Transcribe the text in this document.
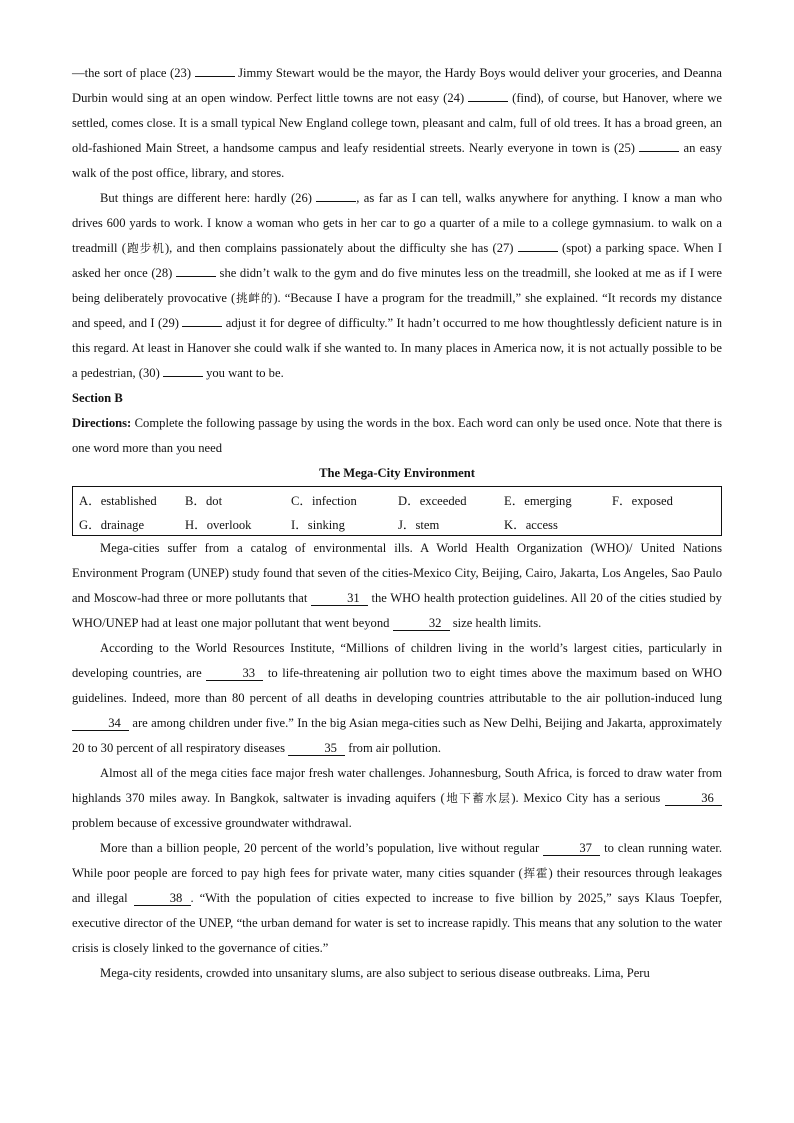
—the sort of place (23)	Jimmy Stewart would be the mayor, the Hardy Boys would deliver your groceries, and Deanna Durbin would sing at an open window. Perfect little towns are not easy (24)	(find), of course, but Hanover, where we settled, comes close. It is a small typical New England college town, pleasant and calm, full of old trees. It has a broad green, an old-fashioned Main Street, a handsome campus and leafy residential streets. Nearly everyone in town is (25)	an easy walk of the post office, library, and stores.

But things are different here: hardly (26)	, as far as I can tell, walks anywhere for anything. I know a man who drives 600 yards to work. I know a woman who gets in her car to go a quarter of a mile to a college gymnasium. to walk on a treadmill (跑步机), and then complains passionately about the difficulty she has (27)	(spot) a parking space. When I asked her once (28)	she didn’t walk to the gym and do five minutes less on the treadmill, she looked at me as if I were being deliberately provocative (挑衅的). “Because I have a program for the treadmill,” she explained. “It records my distance and speed, and I (29)	adjust it for degree of difficulty.” It hadn’t occurred to me how thoughtlessly deficient nature is in this regard. At least in Hanover she could walk if she wanted to. In many places in America now, it is not actually possible to be a pedestrian, (30)	you want to be.

Section B

Directions: Complete the following passage by using the words in the box. Each word can only be used once. Note that there is one word more than you need

The Mega-City Environment
A．established	B．dot	C．infection	D．exceeded	E．emerging	F．exposed
G．drainage	H．overlook	I．sinking	J．stem	K．access	

Mega-cities suffer from a catalog of environmental ills. A World Health Organization (WHO)/ United Nations Environment Program (UNEP) study found that seven of the cities-Mexico City, Beijing, Cairo, Jakarta, Los Angeles, Sao Paulo and Moscow-had three or more pollutants that	31 the WHO health protection guidelines. All 20 of the cities studied by WHO/UNEP had at least one major pollutant that went beyond	32 size health limits.

According to the World Resources Institute, “Millions of children living in the world’s largest cities, particularly in developing countries, are	33 to life-threatening air pollution two to eight times above the maximum based on WHO guidelines. Indeed, more than 80 percent of all deaths in developing countries attributable to the air pollution-induced lung 34 are among children under five.” In the big Asian mega-cities such as New Delhi, Beijing and Jakarta, approximately 20 to 30 percent of all respiratory diseases	35 from air pollution.

Almost all of the mega cities face major fresh water challenges. Johannesburg, South Africa, is forced to draw water from highlands 370 miles away. In Bangkok, saltwater is invading aquifers (地下蓄水层). Mexico City has a serious	36 problem because of excessive groundwater withdrawal.

More than a billion people, 20 percent of the world’s population, live without regular	37 to clean running water. While poor people are forced to pay high fees for private water, many cities squander (挥霍) their resources through leakages and illegal	38 . “With the population of cities expected to increase to five billion by 2025,” says Klaus Toepfer, executive director of the UNEP, “the urban demand for water is set to increase rapidly. This means that any solution to the water crisis is closely linked to the governance of cities.”

Mega-city residents, crowded into unsanitary slums, are also subject to serious disease outbreaks. Lima, Peru
